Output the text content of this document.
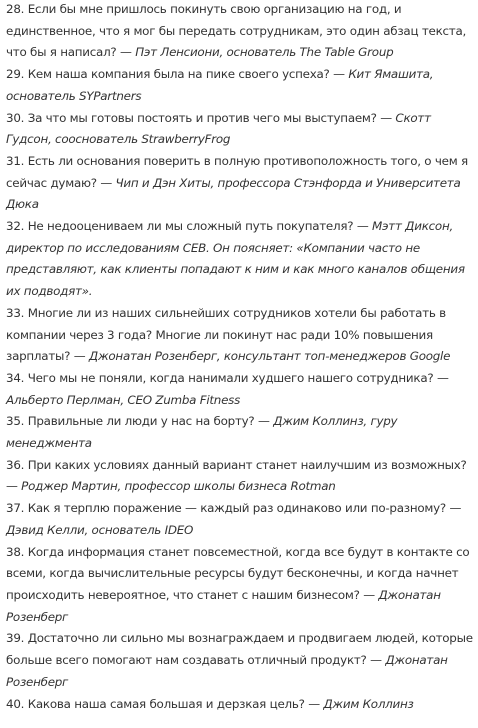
28. Если бы мне пришлось покинуть свою организацию на год, и единственное, что я мог бы передать сотрудникам, это один абзац текста, что бы я написал? — Пэт Ленсиони, основатель The Table Group

29. Кем наша компания была на пике своего успеха? — Кит Ямашита, основатель SYPartners

30. За что мы готовы постоять и против чего мы выступаем? — Скотт Гудсон, сооснователь StrawberryFrog

31. Есть ли основания поверить в полную противоположность того, о чем я сейчас думаю? — Чип и Дэн Хиты, профессора Стэнфорда и Университета Дюка

32. Не недооцениваем ли мы сложный путь покупателя? — Мэтт Диксон, директор по исследованиям CEB. Он поясняет: «Компании часто не представляют, как клиенты попадают к ним и как много каналов общения их подводят».

33. Многие ли из наших сильнейших сотрудников хотели бы работать в компании через 3 года? Многие ли покинут нас ради 10% повышения зарплаты? — Джонатан Розенберг, консультант топ-менеджеров Google

34. Чего мы не поняли, когда нанимали худшего нашего сотрудника? — Альберто Перлман, CEO Zumba Fitness

35. Правильные ли люди у нас на борту? — Джим Коллинз, гуру менеджмента

36. При каких условиях данный вариант станет наилучшим из возможных? — Роджер Мартин, профессор школы бизнеса Rotman

37. Как я терплю поражение — каждый раз одинаково или по-разному? — Дэвид Келли, основатель IDEO

38. Когда информация станет повсеместной, когда все будут в контакте со всеми, когда вычислительные ресурсы будут бесконечны, и когда начнет происходить невероятное, что станет с нашим бизнесом? — Джонатан Розенберг

39. Достаточно ли сильно мы вознаграждаем и продвигаем людей, которые больше всего помогают нам создавать отличный продукт? — Джонатан Розенберг

40. Какова наша самая большая и дерзкая цель? — Джим Коллинз
